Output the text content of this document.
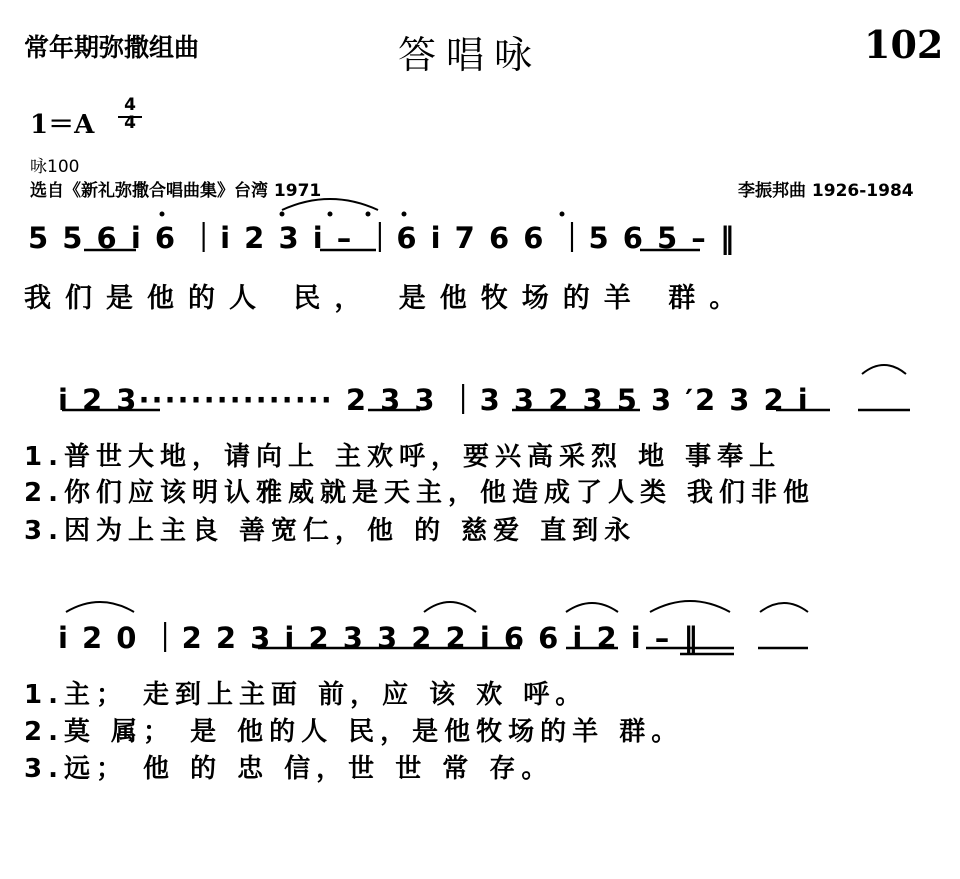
常年期弥撒组曲	答唱咏	102
1＝A
4
4
咏100
选自《新礼弥撒合唱曲集》台湾 1971	李振邦曲 1926-1984
5 5 6 i 6 ｜i 2 3 i – ｜6 i 7 6 6 ｜5 6 5 – ‖
我们是他的人 民， 是他牧场的羊 群。
i 2 3··············· 2 3 3 ｜3 3 2 3 5 3 ′2 3 2 i
1.普世大地，请向上 主欢呼，要兴高采烈 地 事奉上
2.你们应该明认雅威就是天主，他造成了人类 我们非他
3.因为上主良 善宽仁，他 的 慈爱 直到永
i 2 0 ｜2 2 3 i 2 3 3 2 2 i 6 6 i 2 i – ‖
1.主； 走到上主面 前，应 该 欢 呼。
2.莫 属； 是 他的人 民，是他牧场的羊 群。
3.远； 他 的 忠 信，世 世 常 存。
